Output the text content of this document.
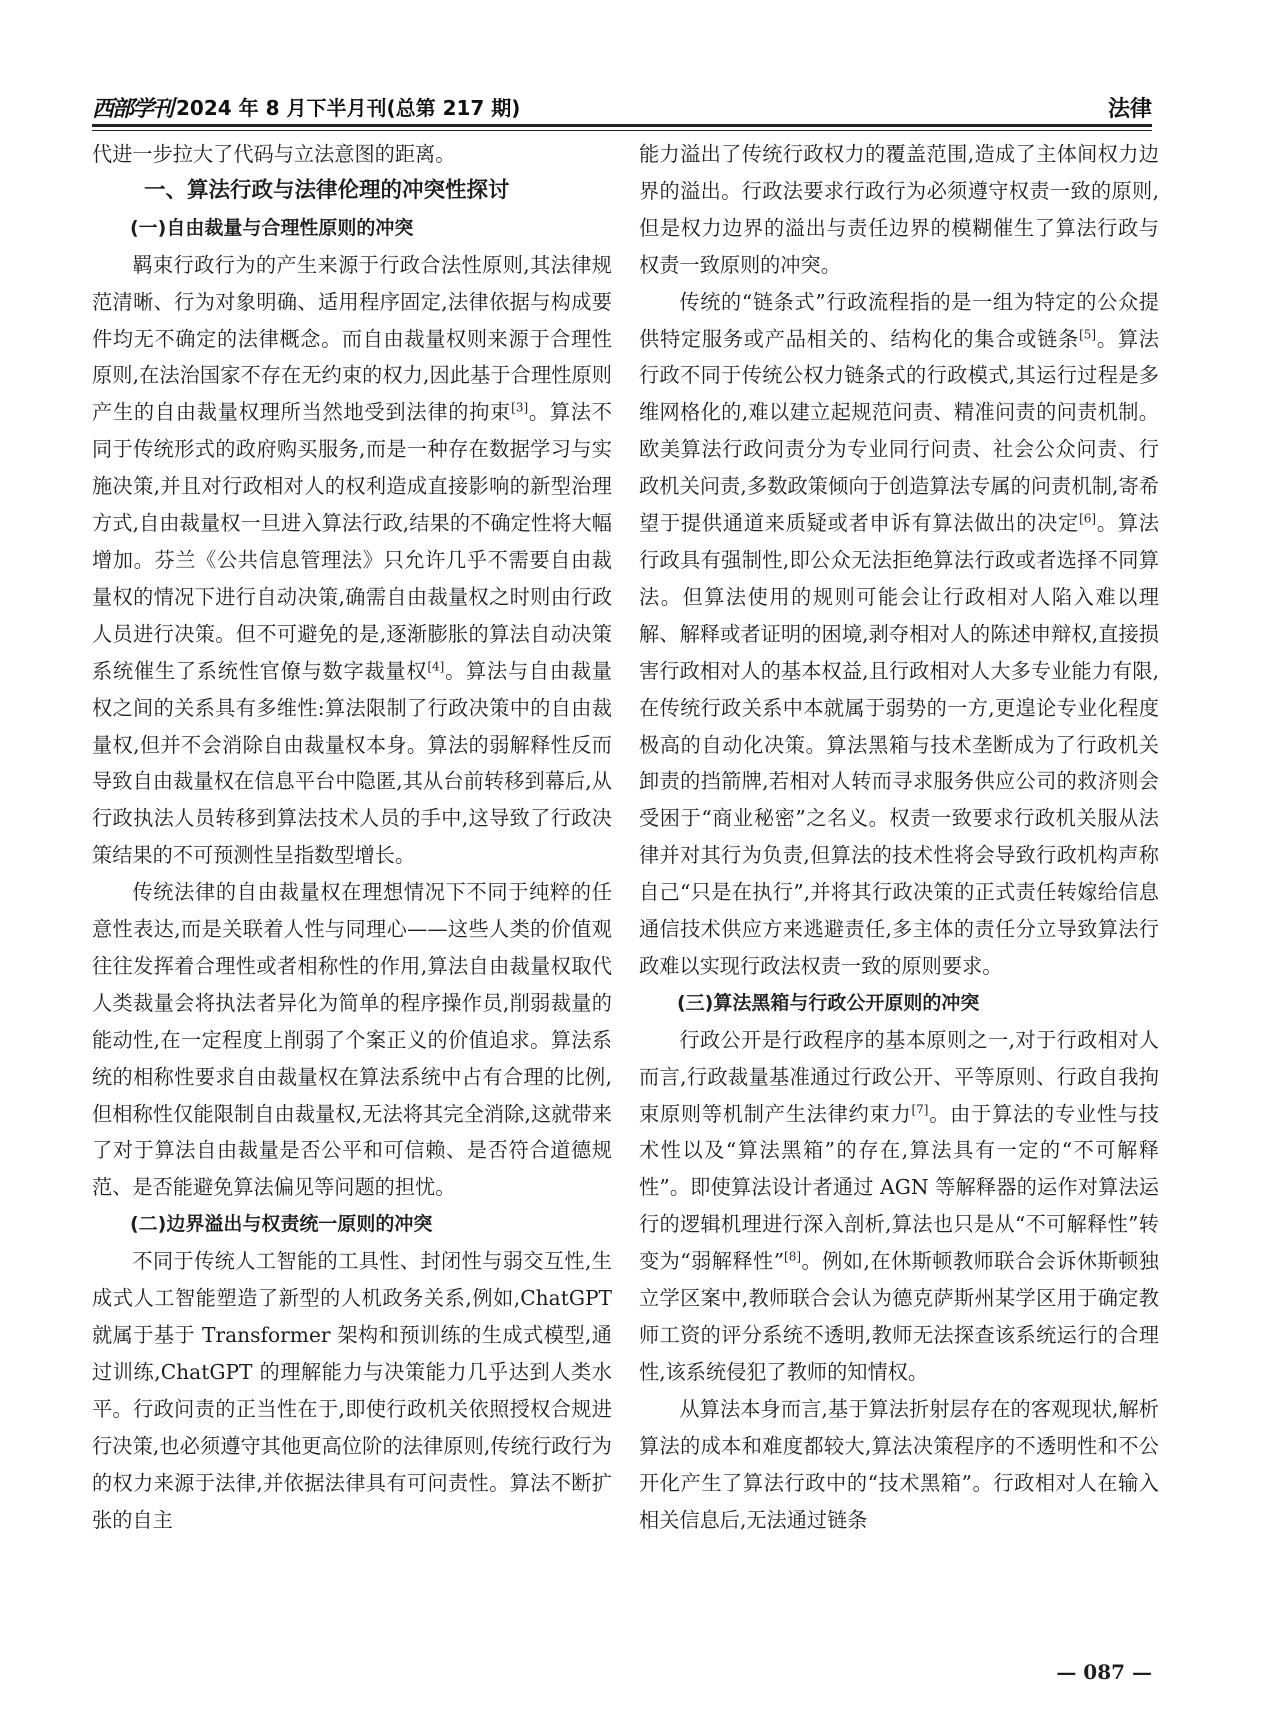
西部学刊 2024 年 8 月下半月刊(总第 217 期)	法律

代进一步拉大了代码与立法意图的距离。

一、算法行政与法律伦理的冲突性探讨
(一)自由裁量与合理性原则的冲突

羁束行政行为的产生来源于行政合法性原则,其法律规范清晰、行为对象明确、适用程序固定,法律依据与构成要件均无不确定的法律概念。而自由裁量权则来源于合理性原则,在法治国家不存在无约束的权力,因此基于合理性原则产生的自由裁量权理所当然地受到法律的拘束[3]。算法不同于传统形式的政府购买服务,而是一种存在数据学习与实施决策,并且对行政相对人的权利造成直接影响的新型治理方式,自由裁量权一旦进入算法行政,结果的不确定性将大幅增加。芬兰《公共信息管理法》只允许几乎不需要自由裁量权的情况下进行自动决策,确需自由裁量权之时则由行政人员进行决策。但不可避免的是,逐渐膨胀的算法自动决策系统催生了系统性官僚与数字裁量权[4]。算法与自由裁量权之间的关系具有多维性:算法限制了行政决策中的自由裁量权,但并不会消除自由裁量权本身。算法的弱解释性反而导致自由裁量权在信息平台中隐匿,其从台前转移到幕后,从行政执法人员转移到算法技术人员的手中,这导致了行政决策结果的不可预测性呈指数型增长。

传统法律的自由裁量权在理想情况下不同于纯粹的任意性表达,而是关联着人性与同理心——这些人类的价值观往往发挥着合理性或者相称性的作用,算法自由裁量权取代人类裁量会将执法者异化为简单的程序操作员,削弱裁量的能动性,在一定程度上削弱了个案正义的价值追求。算法系统的相称性要求自由裁量权在算法系统中占有合理的比例,但相称性仅能限制自由裁量权,无法将其完全消除,这就带来了对于算法自由裁量是否公平和可信赖、是否符合道德规范、是否能避免算法偏见等问题的担忧。

(二)边界溢出与权责统一原则的冲突

不同于传统人工智能的工具性、封闭性与弱交互性,生成式人工智能塑造了新型的人机政务关系,例如,ChatGPT 就属于基于 Transformer 架构和预训练的生成式模型,通过训练,ChatGPT 的理解能力与决策能力几乎达到人类水平。行政问责的正当性在于,即使行政机关依照授权合规进行决策,也必须遵守其他更高位阶的法律原则,传统行政行为的权力来源于法律,并依据法律具有可问责性。算法不断扩张的自主

能力溢出了传统行政权力的覆盖范围,造成了主体间权力边界的溢出。行政法要求行政行为必须遵守权责一致的原则,但是权力边界的溢出与责任边界的模糊催生了算法行政与权责一致原则的冲突。

传统的“链条式”行政流程指的是一组为特定的公众提供特定服务或产品相关的、结构化的集合或链条[5]。算法行政不同于传统公权力链条式的行政模式,其运行过程是多维网格化的,难以建立起规范问责、精准问责的问责机制。欧美算法行政问责分为专业同行问责、社会公众问责、行政机关问责,多数政策倾向于创造算法专属的问责机制,寄希望于提供通道来质疑或者申诉有算法做出的决定[6]。算法行政具有强制性,即公众无法拒绝算法行政或者选择不同算法。但算法使用的规则可能会让行政相对人陷入难以理解、解释或者证明的困境,剥夺相对人的陈述申辩权,直接损害行政相对人的基本权益,且行政相对人大多专业能力有限,在传统行政关系中本就属于弱势的一方,更遑论专业化程度极高的自动化决策。算法黑箱与技术垄断成为了行政机关卸责的挡箭牌,若相对人转而寻求服务供应公司的救济则会受困于“商业秘密”之名义。权责一致要求行政机关服从法律并对其行为负责,但算法的技术性将会导致行政机构声称自己“只是在执行”,并将其行政决策的正式责任转嫁给信息通信技术供应方来逃避责任,多主体的责任分立导致算法行政难以实现行政法权责一致的原则要求。

(三)算法黑箱与行政公开原则的冲突

行政公开是行政程序的基本原则之一,对于行政相对人而言,行政裁量基准通过行政公开、平等原则、行政自我拘束原则等机制产生法律约束力[7]。由于算法的专业性与技术性以及“算法黑箱”的存在,算法具有一定的“不可解释性”。即使算法设计者通过 AGN 等解释器的运作对算法运行的逻辑机理进行深入剖析,算法也只是从“不可解释性”转变为“弱解释性”[8]。例如,在休斯顿教师联合会诉休斯顿独立学区案中,教师联合会认为德克萨斯州某学区用于确定教师工资的评分系统不透明,教师无法探查该系统运行的合理性,该系统侵犯了教师的知情权。

从算法本身而言,基于算法折射层存在的客观现状,解析算法的成本和难度都较大,算法决策程序的不透明性和不公开化产生了算法行政中的“技术黑箱”。行政相对人在输入相关信息后,无法通过链条

— 087 —
